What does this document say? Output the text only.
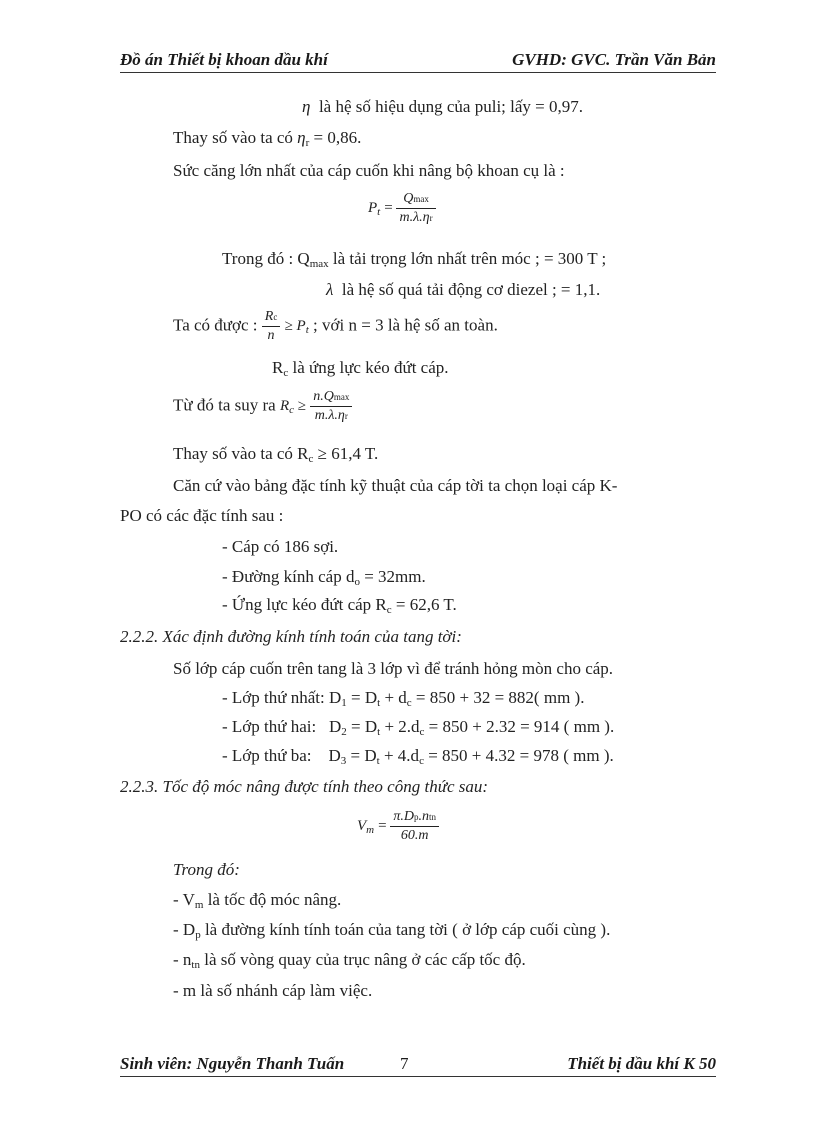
Đồ án Thiết bị khoan dầu khí	GVHD: GVC. Trần Văn Bản
η là hệ số hiệu dụng của puli; lấy = 0,97.
Thay số vào ta có $\eta_r = 0,86$.
Sức căng lớn nhất của cáp cuốn khi nâng bộ khoan cụ là :
$P_t = \frac{Qmax}{m.\lambda.\eta r}$
Trong đó : $Q_{max}$ là tải trọng lớn nhất trên móc ; = 300 T ;
λ là hệ số quá tải động cơ diezel ; = 1,1.
Ta có được : $\frac{Rc}{n} \ge P_t$ ; với n = 3 là hệ số an toàn.
$R_c$ là ứng lực kéo đứt cáp.
Từ đó ta suy ra $R_c \ge \frac{n.Qmax}{m.\lambda.\eta r}$
Thay số vào ta có $R_c \ge 61,4$ T.
Căn cứ vào bảng đặc tính kỹ thuật của cáp tời ta chọn loại cáp K-
PO có các đặc tính sau :
- Cáp có 186 sợi.
- Đường kính cáp $d_o = 32mm$.
- Ứng lực kéo đứt cáp $R_c = 62,6$ T.
2.2.2. Xác định đường kính tính toán của tang tời:
Số lớp cáp cuốn trên tang là 3 lớp vì để tránh hỏng mòn cho cáp.
- Lớp thứ nhất: $D_1 = D_t + d_c = 850 + 32 = 882$( mm ).
- Lớp thứ hai:   $D_2 = D_t + 2.d_c = 850 + 2.32 = 914$ ( mm ).
- Lớp thứ ba:    $D_3 = D_t + 4.d_c = 850 + 4.32 = 978$ ( mm ).
2.2.3. Tốc độ móc nâng được tính theo công thức sau:
$V_m = \frac{\text{π.Dp.ntn}}{60.m}$
Trong đó:
- $V_m$ là tốc độ móc nâng.
- $D_p$ là đường kính tính toán của tang tời ( ở lớp cáp cuối cùng ).
- $n_{tn}$ là số vòng quay của trục nâng ở các cấp tốc độ.
- m là số nhánh cáp làm việc.
Sinh viên: Nguyễn Thanh Tuấn	7	Thiết bị dầu khí K 50
